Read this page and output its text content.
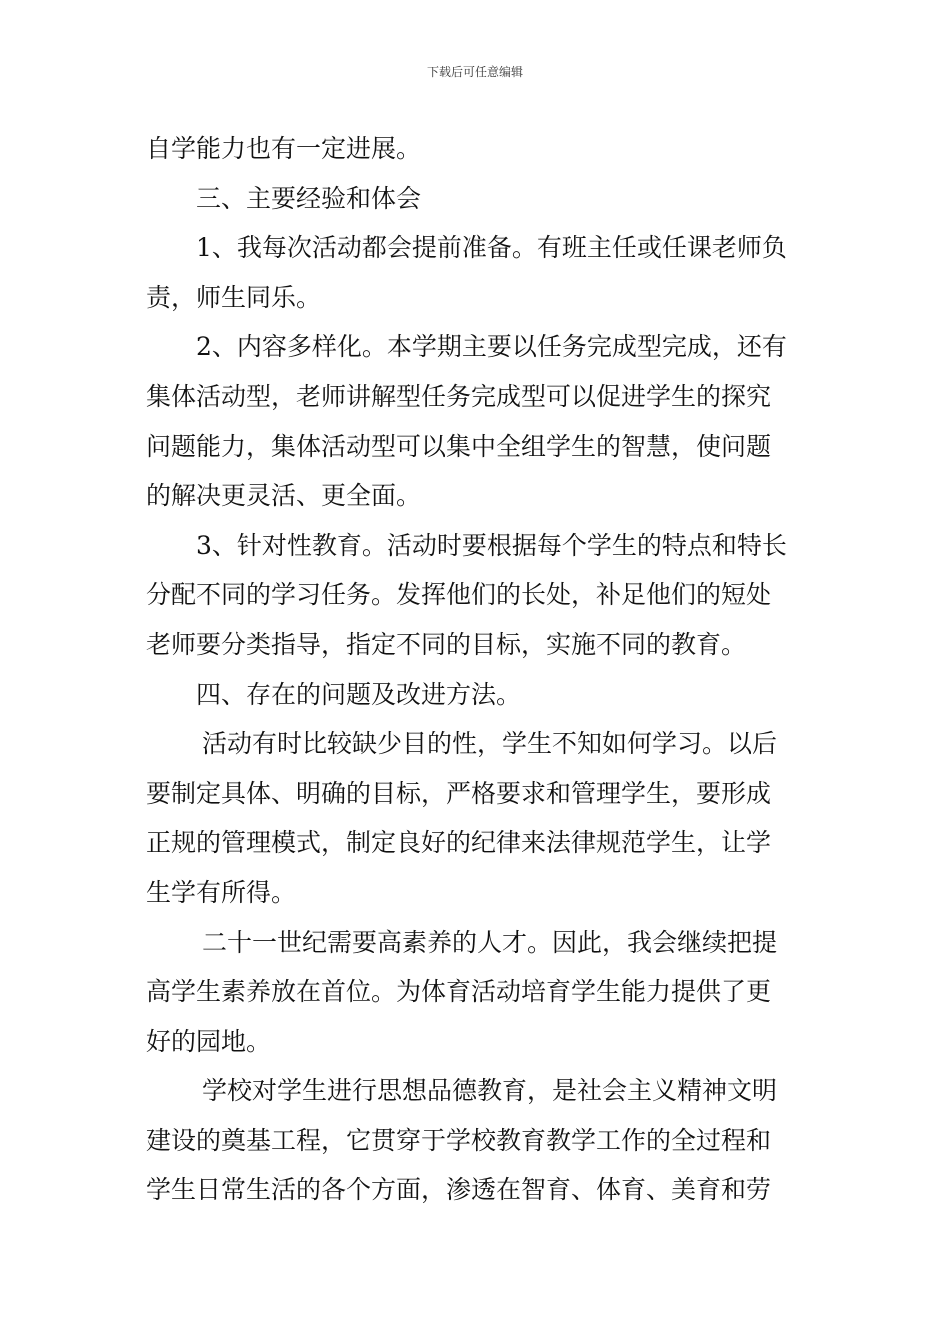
下载后可任意编辑
自学能力也有一定进展。
三、主要经验和体会
1、我每次活动都会提前准备。有班主任或任课老师负
责，师生同乐。
2、内容多样化。本学期主要以任务完成型完成，还有
集体活动型，老师讲解型任务完成型可以促进学生的探究
问题能力，集体活动型可以集中全组学生的智慧，使问题
的解决更灵活、更全面。
3、针对性教育。活动时要根据每个学生的特点和特长
分配不同的学习任务。发挥他们的长处，补足他们的短处
老师要分类指导，指定不同的目标，实施不同的教育。
四、存在的问题及改进方法。
活动有时比较缺少目的性，学生不知如何学习。以后
要制定具体、明确的目标，严格要求和管理学生，要形成
正规的管理模式，制定良好的纪律来法律规范学生，让学
生学有所得。
二十一世纪需要高素养的人才。因此，我会继续把提
高学生素养放在首位。为体育活动培育学生能力提供了更
好的园地。
学校对学生进行思想品德教育，是社会主义精神文明
建设的奠基工程，它贯穿于学校教育教学工作的全过程和
学生日常生活的各个方面，渗透在智育、体育、美育和劳
